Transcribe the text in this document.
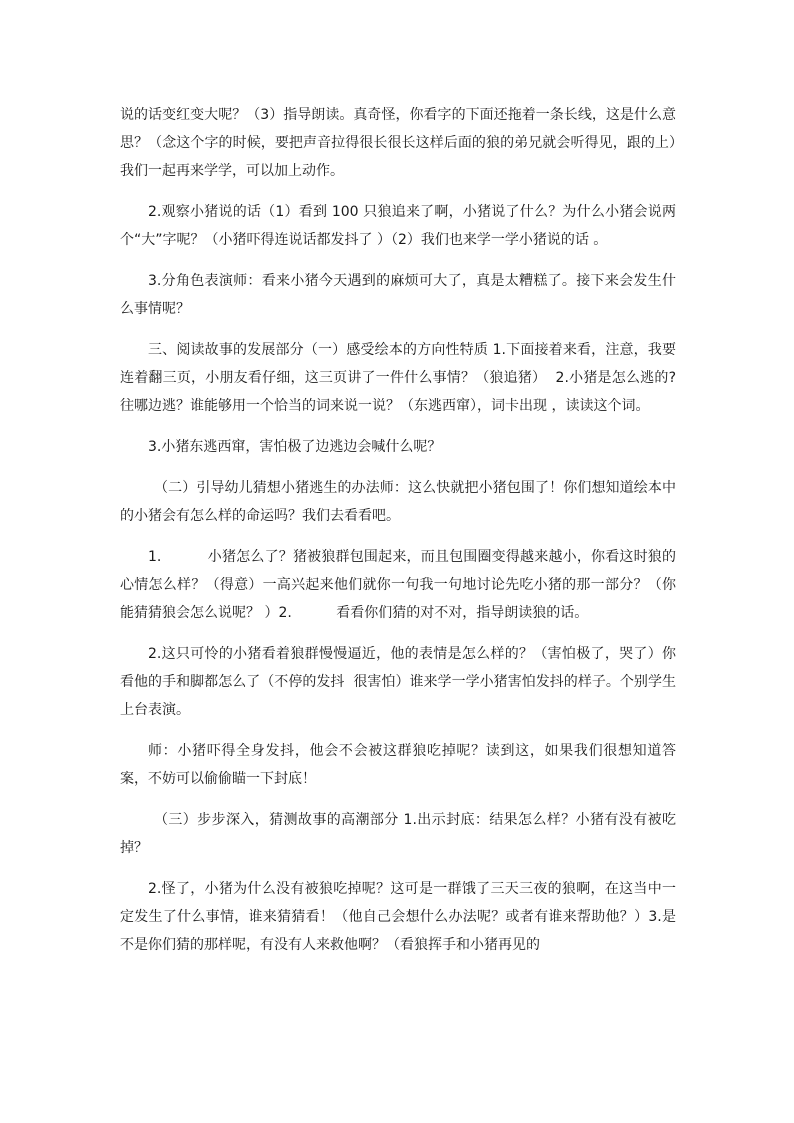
说的话变红变大呢？（3）指导朗读。真奇怪，你看字的下面还拖着一条长线，这是什么意思？（念这个字的时候，要把声音拉得很长很长这样后面的狼的弟兄就会听得见，跟的上）我们一起再来学学，可以加上动作。

2.观察小猪说的话（1）看到 100 只狼追来了啊，小猪说了什么？为什么小猪会说两个“大”字呢？（小猪吓得连说话都发抖了 ）（2）我们也来学一学小猪说的话 。

3.分角色表演师：看来小猪今天遇到的麻烦可大了，真是太糟糕了。接下来会发生什么事情呢？

三、阅读故事的发展部分（一）感受绘本的方向性特质 1.下面接着来看，注意，我要连着翻三页，小朋友看仔细，这三页讲了一件什么事情？（狼追猪）  2.小猪是怎么逃的?往哪边逃？谁能够用一个恰当的词来说一说？（东逃西窜），词卡出现 ，读读这个词。

3.小猪东逃西窜，害怕极了边逃边会喊什么呢？

（二）引导幼儿猜想小猪逃生的办法师：这么快就把小猪包围了！你们想知道绘本中的小猪会有怎么样的命运吗？我们去看看吧。

1.          小猪怎么了？猪被狼群包围起来，而且包围圈变得越来越小，你看这时狼的心情怎么样？（得意）一高兴起来他们就你一句我一句地讨论先吃小猪的那一部分？（你能猜猜狼会怎么说呢？ ）2.          看看你们猜的对不对，指导朗读狼的话。

2.这只可怜的小猪看着狼群慢慢逼近，他的表情是怎么样的？（害怕极了，哭了）你看他的手和脚都怎么了（不停的发抖  很害怕）谁来学一学小猪害怕发抖的样子。个别学生上台表演。

师：小猪吓得全身发抖，他会不会被这群狼吃掉呢？读到这，如果我们很想知道答案，不妨可以偷偷瞄一下封底！

（三）步步深入，猜测故事的高潮部分 1.出示封底：结果怎么样？小猪有没有被吃掉？

2.怪了，小猪为什么没有被狼吃掉呢？这可是一群饿了三天三夜的狼啊，在这当中一定发生了什么事情，谁来猜猜看！（他自己会想什么办法呢？或者有谁来帮助他？）3.是不是你们猜的那样呢，有没有人来救他啊？（看狼挥手和小猪再见的
